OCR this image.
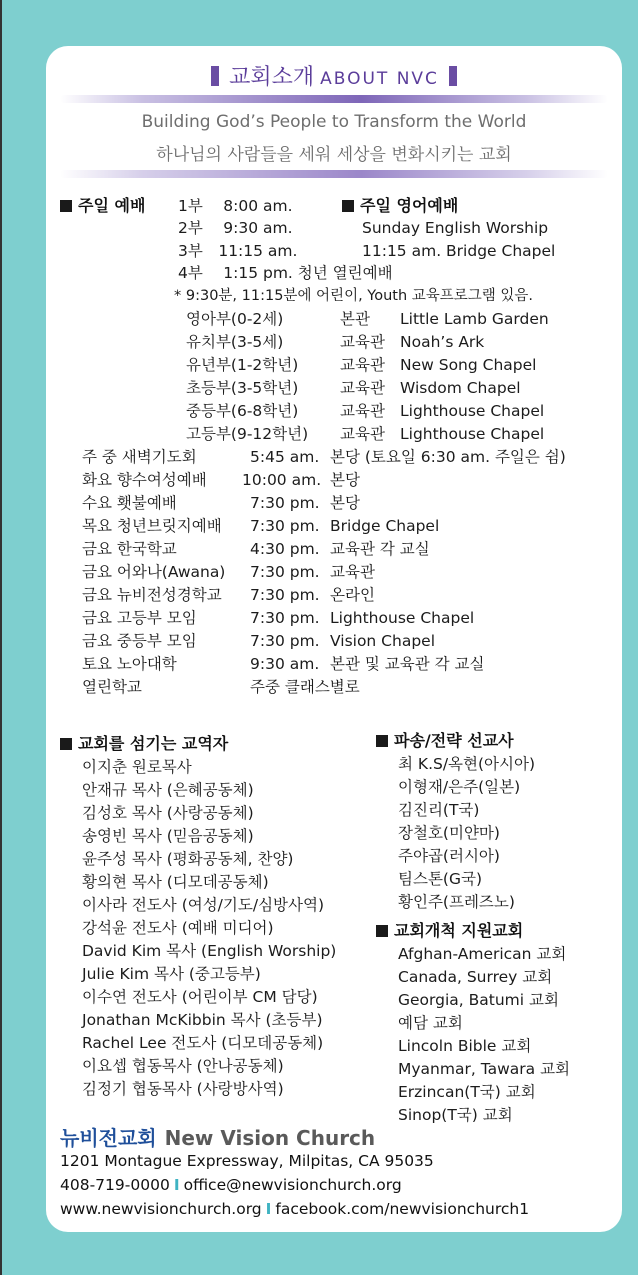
교회소개 ABOUT NVC
Building God’s People to Transform the World
하나님의 사람들을 세워 세상을 변화시키는 교회
주일 예배 1부　 8:00 am.
2부　 9:30 am.
3부　11:15 am.
4부　 1:15 pm. 청년 열린예배
주일 영어예배
Sunday English Worship
11:15 am. Bridge Chapel
* 9:30분, 11:15분에 어린이, Youth 교육프로그램 있음.
영아부(0-2세)	본관 Little Lamb Garden
유치부(3-5세)	교육관 Noah’s Ark
유년부(1-2학년)	교육관 New Song Chapel
초등부(3-5학년)	교육관 Wisdom Chapel
중등부(6-8학년)	교육관 Lighthouse Chapel
고등부(9-12학년) 교육관 Lighthouse Chapel
주 중 새벽기도회	5:45 am. 본당 (토요일 6:30 am. 주일은 쉼)
화요 향수여성예배 10:00 am. 본당
수요 횃불예배	7:30 pm. 본당
목요 청년브릿지예배 7:30 pm. Bridge Chapel
금요 한국학교	4:30 pm. 교육관 각 교실
금요 어와나(Awana) 7:30 pm. 교육관
금요 뉴비전성경학교 7:30 pm. 온라인
금요 고등부 모임	7:30 pm. Lighthouse Chapel
금요 중등부 모임	7:30 pm. Vision Chapel
토요 노아대학	9:30 am. 본관 및 교육관 각 교실
열린학교	주중 클래스별로
교회를 섬기는 교역자
이지춘 원로목사
안재규 목사 (은혜공동체)
김성호 목사 (사랑공동체)
송영빈 목사 (믿음공동체)
윤주성 목사 (평화공동체, 찬양)
황의현 목사 (디모데공동체)
이사라 전도사 (여성/기도/심방사역)
강석윤 전도사 (예배 미디어)
David Kim 목사 (English Worship)
Julie Kim 목사 (중고등부)
이수연 전도사 (어린이부 CM 담당)
Jonathan McKibbin 목사 (초등부)
Rachel Lee 전도사 (디모데공동체)
이요셉 협동목사 (안나공동체)
김정기 협동목사 (사랑방사역)
파송/전략 선교사
최 K.S/옥현(아시아)
이형재/은주(일본)
김진리(T국)
장철호(미얀마)
주야곱(러시아)
팀스톤(G국)
황인주(프레즈노)
교회개척 지원교회
Afghan-American 교회
Canada, Surrey 교회
Georgia, Batumi 교회
예담 교회
Lincoln Bible 교회
Myanmar, Tawara 교회
Erzincan(T국) 교회
Sinop(T국) 교회
뉴비전교회 New Vision Church
1201 Montague Expressway, Milpitas, CA 95035
408-719-0000 I office@newvisionchurch.org
www.newvisionchurch.org I facebook.com/newvisionchurch1
